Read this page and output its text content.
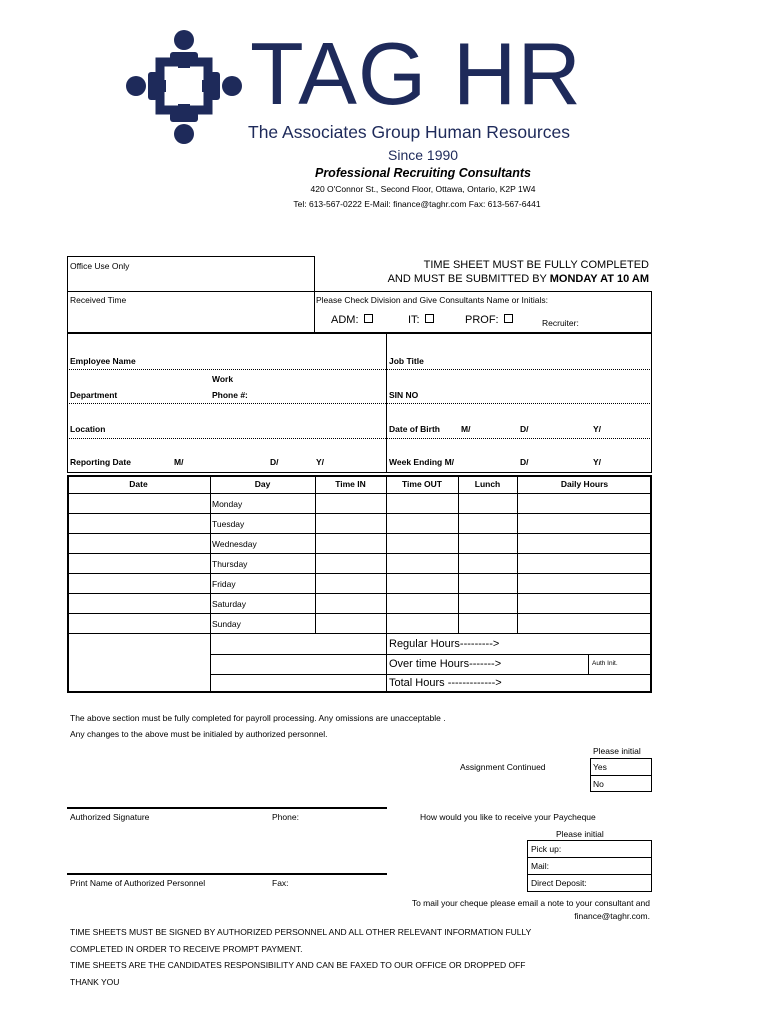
TAG HR
The Associates Group Human Resources
Since 1990
Professional Recruiting Consultants
420 O'Connor St., Second Floor, Ottawa, Ontario, K2P 1W4
Tel: 613-567-0222 E-Mail: finance@taghr.com Fax: 613-567-6441
Office Use Only	TIME SHEET MUST BE FULLY COMPLETED
AND MUST BE SUBMITTED BY MONDAY AT 10 AM
Received Time	Please Check Division and Give Consultants Name or Initials:
ADM:	IT:	PROF:	Recruiter:
Employee Name	Job Title
Work
Department	Phone #:	SIN NO
Location	Date of Birth M/	D/	Y/
Reporting Date	M/	D/	Y/	Week Ending M/	D/	Y/
Date	Day	Time IN	Time OUT	Lunch	Daily Hours
Monday
Tuesday
Wednesday
Thursday
Friday
Saturday
Sunday
Regular Hours--------->
Over time Hours------->	Auth Init.
Total Hours ------------->
The above section must be fully completed for payroll processing. Any omissions are unacceptable .
Any changes to the above must be initialed by authorized personnel.
Please initial
Assignment Continued	Yes
No
Authorized Signature	Phone:	How would you like to receive your Paycheque
Please initial
Pick up:
Mail:
Direct Deposit:
Print Name of Authorized Personnel	Fax:
To mail your cheque please email a note to your consultant and
finance@taghr.com.
TIME SHEETS MUST BE SIGNED BY AUTHORIZED PERSONNEL AND ALL OTHER RELEVANT INFORMATION FULLY
COMPLETED IN ORDER TO RECEIVE PROMPT PAYMENT.
TIME SHEETS ARE THE CANDIDATES RESPONSIBILITY AND CAN BE FAXED TO OUR OFFICE OR DROPPED OFF
THANK YOU
